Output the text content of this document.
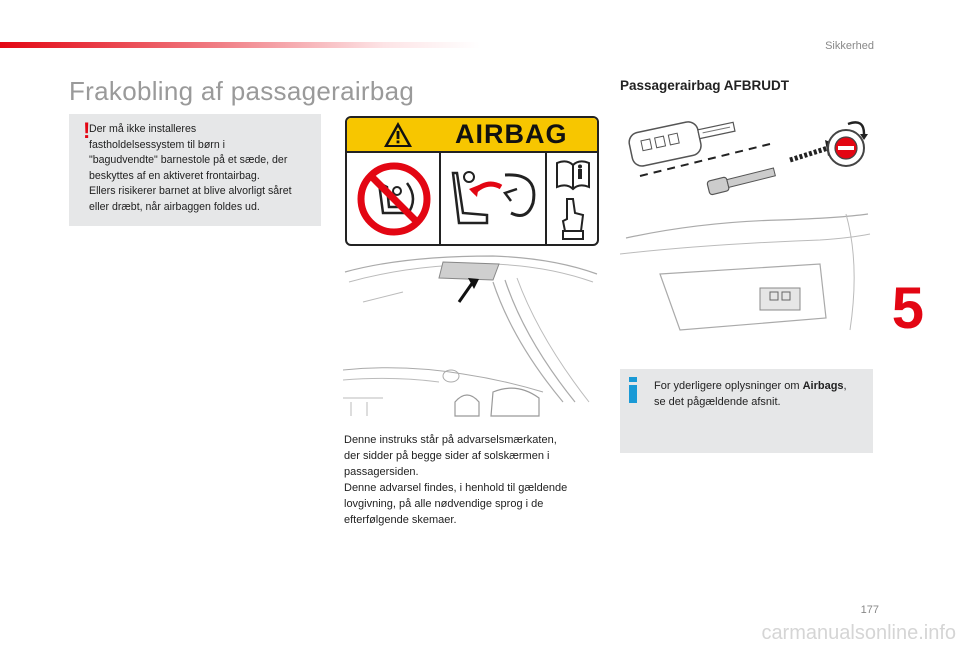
Sikkerhed
Frakobling af passagerairbag
!
Der må ikke installeres
fastholdelsessystem til børn i
"bagudvendte" barnestole på et sæde, der
beskyttes af en aktiveret frontairbag.
Ellers risikerer barnet at blive alvorligt såret
eller dræbt, når airbaggen foldes ud.
AIRBAG
Denne instruks står på advarselsmærkaten,
der sidder på begge sider af solskærmen i
passagersiden.
Denne advarsel findes, i henhold til gældende
lovgivning, på alle nødvendige sprog i de
efterfølgende skemaer.
Passagerairbag AFBRUDT
For yderligere oplysninger om Airbags,
se det pågældende afsnit.
5
177
carmanualsonline.info
